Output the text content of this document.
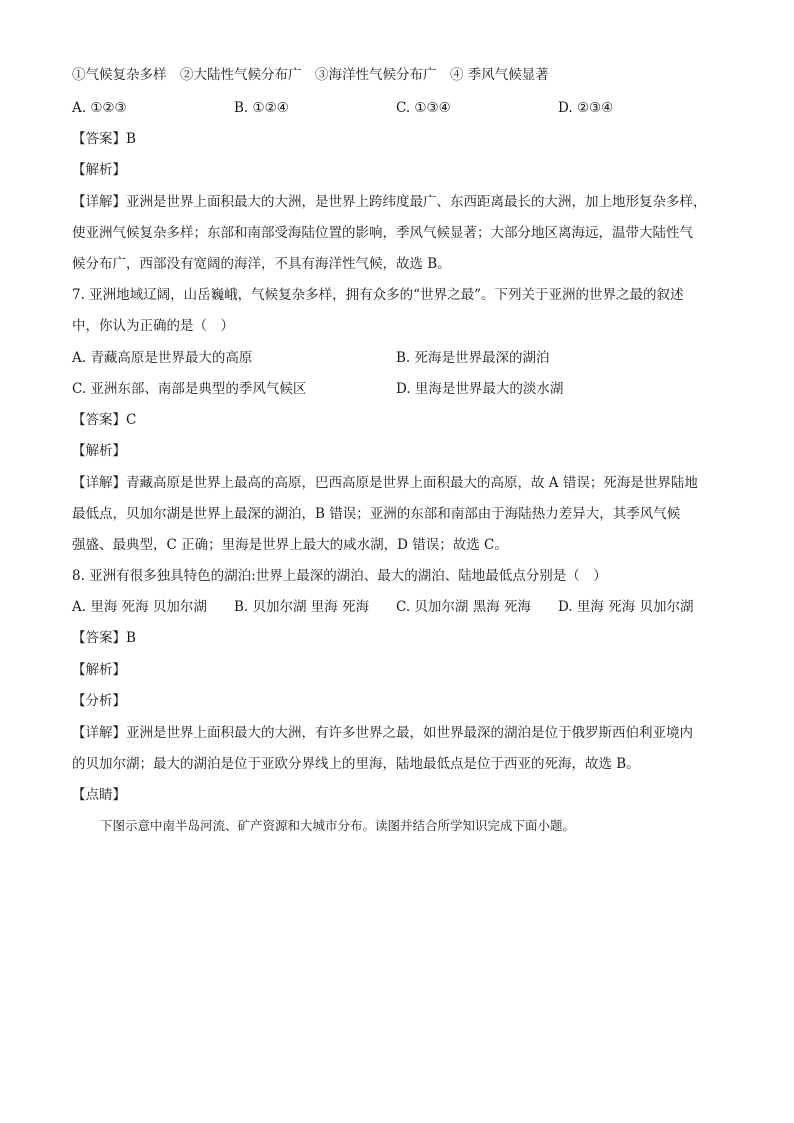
①气候复杂多样　②大陆性气候分布广　③海洋性气候分布广　④ 季风气候显著
A. ①②③	B. ①②④	C. ①③④	D. ②③④
【答案】B
【解析】
【详解】亚洲是世界上面积最大的大洲，是世界上跨纬度最广、东西距离最长的大洲，加上地形复杂多样，
使亚洲气候复杂多样；东部和南部受海陆位置的影响，季风气候显著；大部分地区离海远，温带大陆性气
候分布广，西部没有宽阔的海洋，不具有海洋性气候，故选 B。
7. 亚洲地域辽阔，山岳巍峨，气候复杂多样，拥有众多的“世界之最”。下列关于亚洲的世界之最的叙述
中，你认为正确的是（　）
A. 青藏高原是世界最大的高原	B. 死海是世界最深的湖泊
C. 亚洲东部、南部是典型的季风气候区	D. 里海是世界最大的淡水湖
【答案】C
【解析】
【详解】青藏高原是世界上最高的高原，巴西高原是世界上面积最大的高原，故 A 错误；死海是世界陆地
最低点，贝加尔湖是世界上最深的湖泊，B 错误；亚洲的东部和南部由于海陆热力差异大，其季风气候
强盛、最典型，C 正确；里海是世界上最大的咸水湖，D 错误；故选 C。
8. 亚洲有很多独具特色的湖泊:世界上最深的湖泊、最大的湖泊、陆地最低点分别是（　）
A. 里海 死海 贝加尔湖 B. 贝加尔湖 里海 死海 C. 贝加尔湖 黑海 死海 D. 里海 死海 贝加尔湖
【答案】B
【解析】
【分析】
【详解】亚洲是世界上面积最大的大洲，有许多世界之最，如世界最深的湖泊是位于俄罗斯西伯利亚境内
的贝加尔湖；最大的湖泊是位于亚欧分界线上的里海，陆地最低点是位于西亚的死海，故选 B。
【点睛】
下图示意中南半岛河流、矿产资源和大城市分布。读图并结合所学知识完成下面小题。
